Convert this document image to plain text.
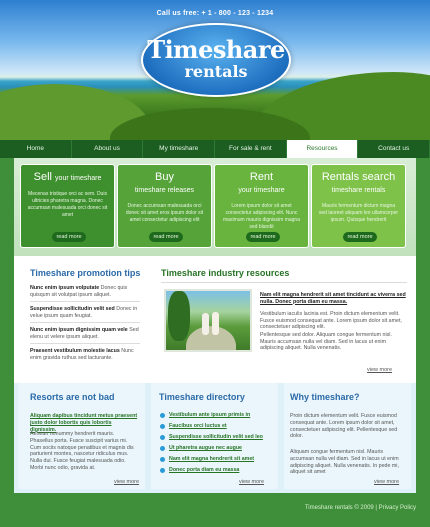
Call us free: + 1 - 800 - 123 - 1234
Timeshare
rentals
Home	About us	My timeshare	For sale & rent	Resources	Contact us
Sell your timeshare
Mecenas tristique orci ac sem. Duis ultricies pharetra magna. Donec accumsan malesuada orci donec sit amet
read more
Buy
timeshare releases
Donec accumsan malesuada orci donec sit amet eros ipsum dolor sit amet consectetur adipiscing elit
read more
Rent
your timeshare
Lorem ipsum dolor sit amet consectetur adipiscing elit. Nunc maximum mauris dignissim magna sed blandit
read more
Rentals search
timeshare rentals
Mauris fermentum dictum magna sed laoreet aliquam leo ullamcorper ipsum. Quisque hendrerit
read more
Timeshare promotion tips
Nunc enim ipsum volputate Donec quis quisqum sit volutpat ipsum aliquet.
Suspendisse sollicitudin velit sed Donec in velue ipsum quam feugiat.
Nunc enim ipsum dignissim quam vele Sed elenu ut velere ipsum aliquet.
Praesent vestibulum molestie lacus Nunc enim gravida ruthus sed lacturante.
Timeshare industry resources
Nam elit magna hendrerit sit amet tincidunt ac viverra sed nulla. Donec porta diam eu massa.
Vestibulum iaculis lacinia est. Proin dictum elementum velit. Fusce euismod consequat ante. Lorem ipsum dolor sit amet, consectetuer adipiscing elit.
Pellentesque sed dolor. Aliquam congue fermentum nisl. Mauris accumsan nulla vel diam. Sed in lacus ut enim adipiscing aliquet. Nulla venenatis.
view more
Resorts are not bad
Aliquam dapibus tincidunt metus praesent justo dolor lobortis quis lobortis dignissim.
Aenean nonummy hendrerit mauris. Phasellus porta. Fusce suscipit varius mi. Cum sociis natoque penatibus et magnis dis parturient montes, nascetur ridiculus mus. Nulla dui. Fusce feugiat malesuada odio. Morbi nunc odio, gravida at.
view more
Timeshare directory
Vestibulum ante ipsum primis in
Faucibus orci luctus et
Suspendisse sollicitudin velit sed leo
Ut pharetra augue nec augue
Nam elit magna hendrerit sit amet
Donec porta diam eu massa
view more
Why timeshare?
Proin dictum elementum velit. Fusce euismod consequat ante. Lorem ipsum dolor sit amet, consectetuer adipiscing elit. Pellentesque sed dolor.
Aliquam congue fermentum nisl. Mauris accumsan nulla vel diam. Sed in lacus ut enim adipiscing aliquet. Nulla venenatis. In pede mi, aliquet sit amet
view more
Timeshare rentals © 2009 | Privacy Policy
